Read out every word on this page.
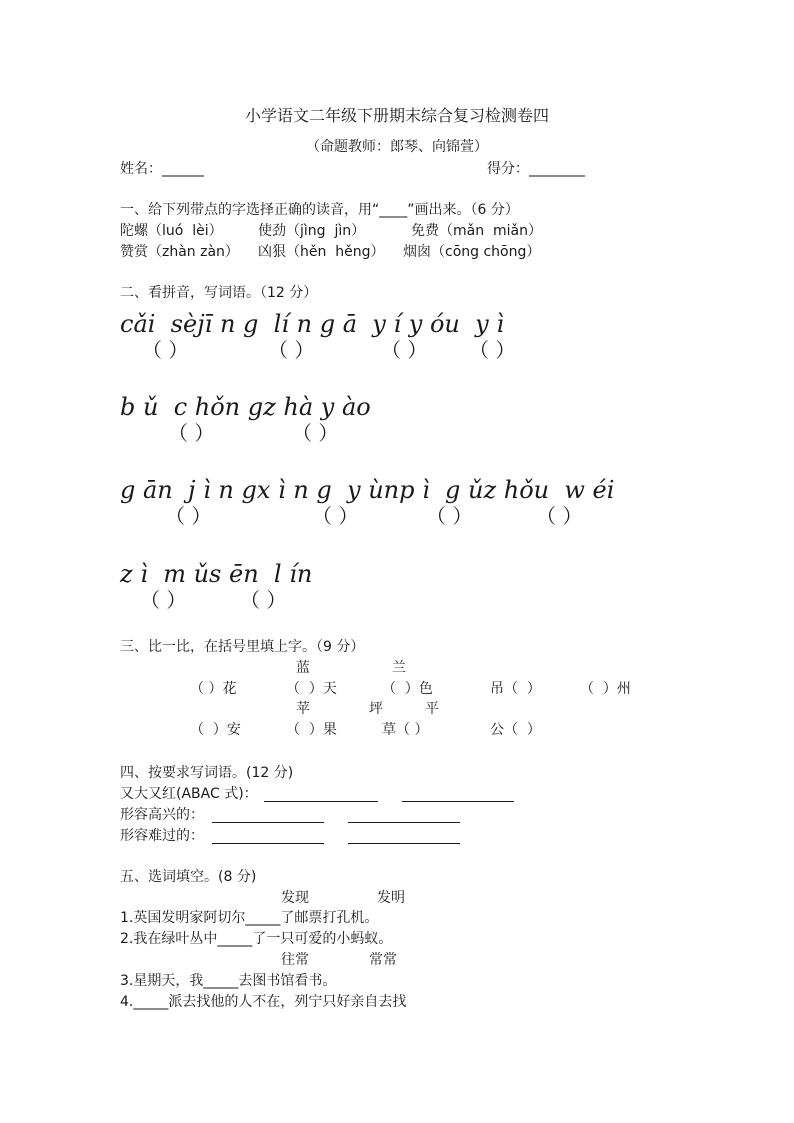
小学语文二年级下册期末综合复习检测卷四
（命题教师：郎琴、向锦萱）
姓名：______	得分：________
一、给下列带点的字选择正确的读音，用“____”画出来。（6 分）
陀螺（luó  lèi）	使劲（jìng  jìn）	免费（mǎn  miǎn）
赞赏（zhàn zàn） 凶狠（hěn  hěng） 烟囱（cōng chōng）
二、看拼音，写词语。（12 分）
cǎi  sèjī n g  lí n g ā  y í y óu  y ì
（ ）	（ ）	（ ） （ ）
b ǔ  c hǒn gz hà y ào
（ ）	（ ）
g ān  j ì n gx ì n g  y ùnp ì  g ǔz hǒu  w éi
（ ）	（ ）	（ ）	（ ）
z ì  m ǔs ēn  l ín
（ ）	（ ）
三、比一比，在括号里填上字。（9 分）
蓝	兰
（ ）花	（  ）天	（  ）色	吊（  ）	（  ）州
苹	坪	平
（  ）安	（  ）果	草（ ）	公（  ）
四、按要求写词语。(12 分)
又大又红(ABAC 式)：
形容高兴的：
形容难过的：
五、选词填空。(8 分)
发现	发明
1.英国发明家阿切尔_____了邮票打孔机。
2.我在绿叶丛中_____了一只可爱的小蚂蚁。
往常	常常
3.星期天，我_____去图书馆看书。
4._____派去找他的人不在，列宁只好亲自去找
